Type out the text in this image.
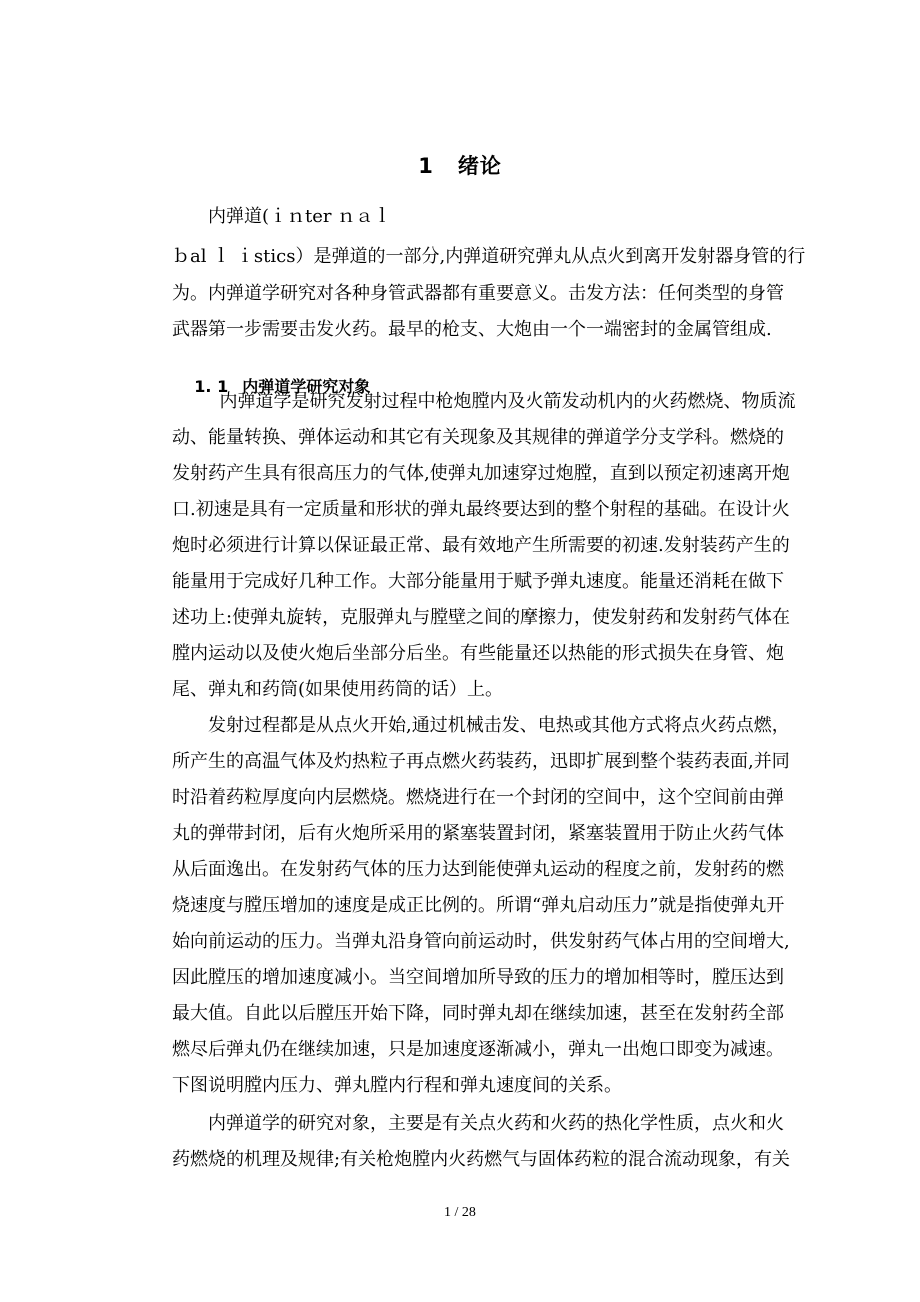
1 绪论
内弹道(ｉｎter ｎａｌ
ｂal ｌ ｉstics）是弹道的一部分,内弹道研究弹丸从点火到离开发射器身管的行
为。内弹道学研究对各种身管武器都有重要意义。击发方法：任何类型的身管
武器第一步需要击发火药。最早的枪支、大炮由一个一端密封的金属管组成.

1. 1 内弹道学研究对象

内弹道学是研究发射过程中枪炮膛内及火箭发动机内的火药燃烧、物质流
动、能量转换、弹体运动和其它有关现象及其规律的弹道学分支学科。燃烧的
发射药产生具有很高压力的气体,使弹丸加速穿过炮膛，直到以预定初速离开炮
口.初速是具有一定质量和形状的弹丸最终要达到的整个射程的基础。在设计火
炮时必须进行计算以保证最正常、最有效地产生所需要的初速.发射装药产生的
能量用于完成好几种工作。大部分能量用于赋予弹丸速度。能量还消耗在做下
述功上:使弹丸旋转，克服弹丸与膛壁之间的摩擦力，使发射药和发射药气体在
膛内运动以及使火炮后坐部分后坐。有些能量还以热能的形式损失在身管、炮
尾、弹丸和药筒(如果使用药筒的话）上。
发射过程都是从点火开始,通过机械击发、电热或其他方式将点火药点燃，
所产生的高温气体及灼热粒子再点燃火药装药，迅即扩展到整个装药表面,并同
时沿着药粒厚度向内层燃烧。燃烧进行在一个封闭的空间中，这个空间前由弹
丸的弹带封闭，后有火炮所采用的紧塞装置封闭，紧塞装置用于防止火药气体
从后面逸出。在发射药气体的压力达到能使弹丸运动的程度之前，发射药的燃
烧速度与膛压增加的速度是成正比例的。所谓“弹丸启动压力”就是指使弹丸开
始向前运动的压力。当弹丸沿身管向前运动时，供发射药气体占用的空间增大,
因此膛压的增加速度减小。当空间增加所导致的压力的增加相等时，膛压达到
最大值。自此以后膛压开始下降，同时弹丸却在继续加速，甚至在发射药全部
燃尽后弹丸仍在继续加速，只是加速度逐渐减小，弹丸一出炮口即变为减速。
下图说明膛内压力、弹丸膛内行程和弹丸速度间的关系。
内弹道学的研究对象，主要是有关点火药和火药的热化学性质，点火和火
药燃烧的机理及规律;有关枪炮膛内火药燃气与固体药粒的混合流动现象，有关
1 / 28
